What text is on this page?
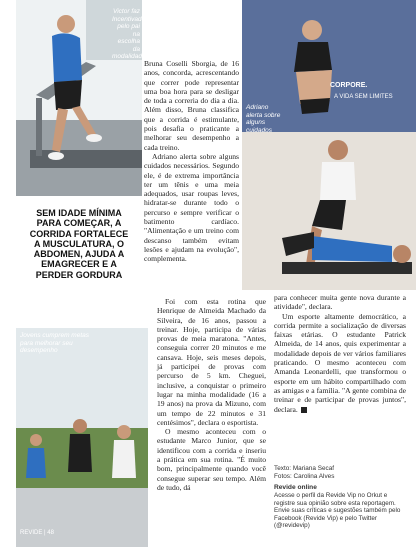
Victor faz Incentivado pelo pai na escolha da modalidade
CORPORE.
A VIDA SEM LIMITES
Adriano alerta sobre alguns cuidados
SEM IDADE MÍNIMA PARA COMEÇAR, A CORRIDA FORTALECE A MUSCULATURA, O ABDOMEN, AJUDA A EMAGRECER E A PERDER GORDURA
Jovens cumprem metas para melhorar seu desempenho
REVIDE | 48
Bruna Coselli Sborgia, de 16 anos, concorda, acrescentando que correr pode representar uma boa hora para se desligar de toda a correria do dia a dia. Além disso, Bruna classifica que a corrida é estimulante, pois desafia o praticante a melhorar seu desempenho a cada treino.
Adriano alerta sobre alguns cuidados necessários. Segundo ele, é de extrema importância ter um tênis e uma meia adequados, usar roupas leves, hidratar-se durante todo o percurso e sempre verificar o batimento cardíaco. "Alimentação e um treino com descanso também evitam lesões e ajudam na evolução", complementa.
Foi com esta rotina que Henrique de Almeida Machado da Silveira, de 16 anos, passou a treinar. Hoje, participa de várias provas de meia maratona. "Antes, conseguia correr 20 minutos e me cansava. Hoje, seis meses depois, já participei de provas com percurso de 5 km. Cheguei, inclusive, a conquistar o primeiro lugar na minha modalidade (16 a 19 anos) na prova da Mizuno, com um tempo de 22 minutos e 31 centésimos", declara o esportista.
O mesmo aconteceu com o estudante Marco Junior, que se identificou com a corrida e inseriu a prática em sua rotina. "É muito bom, principalmente quando você consegue superar seu tempo. Além de tudo, dá
para conhecer muita gente nova durante a atividade", declara.
Um esporte altamente democrático, a corrida permite a socialização de diversas faixas etárias. O estudante Patrick Almeida, de 14 anos, quis experimentar a modalidade depois de ver vários familiares praticando. O mesmo aconteceu com Amanda Leonardelli, que transformou o esporte em um hábito compartilhado com as amigas e a família. "A gente combina de treinar e de participar de provas juntos", declara.
Texto: Mariana Secaf
Fotos: Carolina Alves
Revide online
Acesse o perfil da Revide Vip no Orkut e registre sua opinião sobre esta reportagem. Envie suas críticas e sugestões também pelo Facebook (Revide Vip) e pelo Twitter (@revidevip)
